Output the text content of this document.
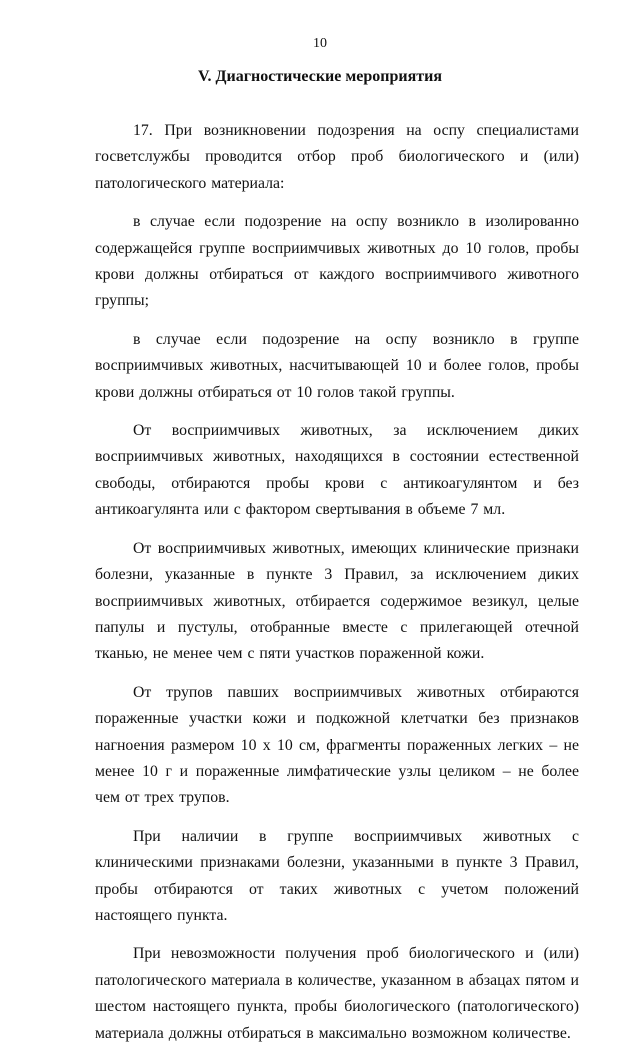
10
V. Диагностические мероприятия

17. При возникновении подозрения на оспу специалистами госветслужбы проводится отбор проб биологического и (или) патологического материала:

в случае если подозрение на оспу возникло в изолированно содержащейся группе восприимчивых животных до 10 голов, пробы крови должны отбираться от каждого восприимчивого животного группы;

в случае если подозрение на оспу возникло в группе восприимчивых животных, насчитывающей 10 и более голов, пробы крови должны отбираться от 10 голов такой группы.

От восприимчивых животных, за исключением диких восприимчивых животных, находящихся в состоянии естественной свободы, отбираются пробы крови с антикоагулянтом и без антикоагулянта или с фактором свертывания в объеме 7 мл.

От восприимчивых животных, имеющих клинические признаки болезни, указанные в пункте 3 Правил, за исключением диких восприимчивых животных, отбирается содержимое везикул, целые папулы и пустулы, отобранные вместе с прилегающей отечной тканью, не менее чем с пяти участков пораженной кожи.

От трупов павших восприимчивых животных отбираются пораженные участки кожи и подкожной клетчатки без признаков нагноения размером 10 x 10 см, фрагменты пораженных легких – не менее 10 г и пораженные лимфатические узлы целиком – не более чем от трех трупов.

При наличии в группе восприимчивых животных с клиническими признаками болезни, указанными в пункте 3 Правил, пробы отбираются от таких животных с учетом положений настоящего пункта.

При невозможности получения проб биологического и (или) патологического материала в количестве, указанном в абзацах пятом и шестом настоящего пункта, пробы биологического (патологического) материала должны отбираться в максимально возможном количестве.
